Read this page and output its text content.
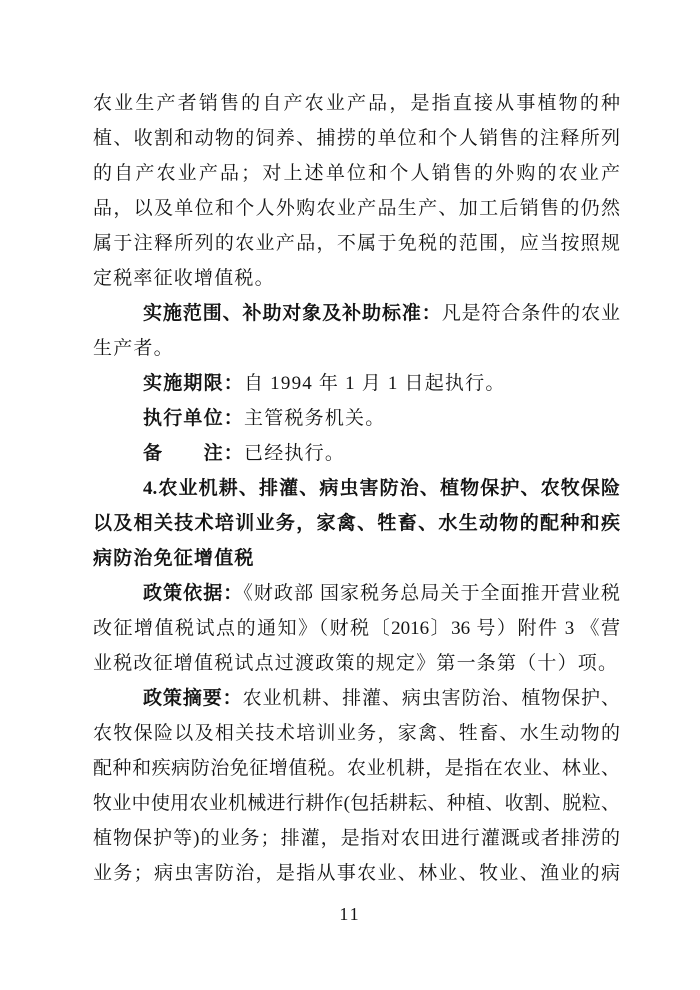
农业生产者销售的自产农业产品，是指直接从事植物的种
植、收割和动物的饲养、捕捞的单位和个人销售的注释所列
的自产农业产品；对上述单位和个人销售的外购的农业产
品，以及单位和个人外购农业产品生产、加工后销售的仍然
属于注释所列的农业产品，不属于免税的范围，应当按照规
定税率征收增值税。
实施范围、补助对象及补助标准：凡是符合条件的农业
生产者。
实施期限：自 1994 年 1 月 1 日起执行。
执行单位：主管税务机关。
备　　注：已经执行。
4.农业机耕、排灌、病虫害防治、植物保护、农牧保险
以及相关技术培训业务，家禽、牲畜、水生动物的配种和疾
病防治免征增值税
政策依据：《财政部 国家税务总局关于全面推开营业税
改征增值税试点的通知》（财税〔2016〕36 号）附件 3 《营
业税改征增值税试点过渡政策的规定》第一条第（十）项。
政策摘要：农业机耕、排灌、病虫害防治、植物保护、
农牧保险以及相关技术培训业务，家禽、牲畜、水生动物的
配种和疾病防治免征增值税。农业机耕，是指在农业、林业、
牧业中使用农业机械进行耕作(包括耕耘、种植、收割、脱粒、
植物保护等)的业务；排灌，是指对农田进行灌溉或者排涝的
业务；病虫害防治，是指从事农业、林业、牧业、渔业的病
11
